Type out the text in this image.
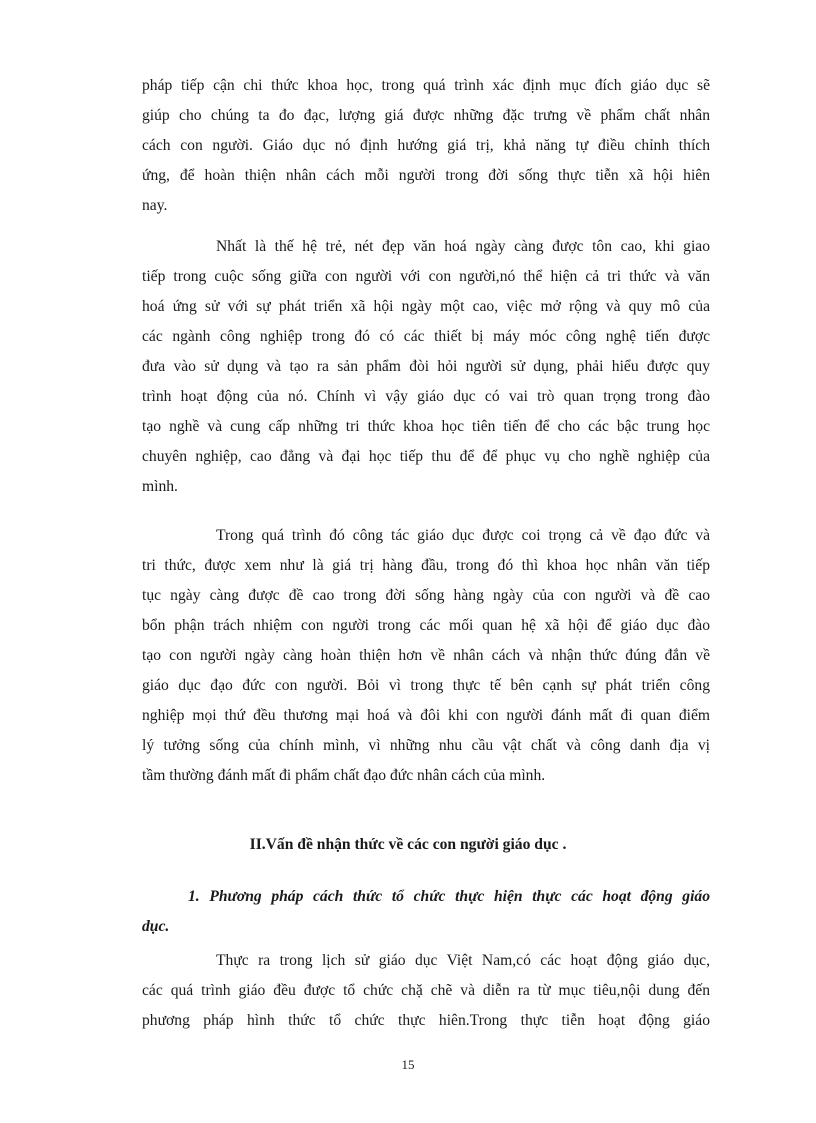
pháp tiếp cận chi thức khoa học, trong quá trình xác định mục đích giáo dục sẽ
giúp cho chúng ta đo đạc, lượng giá được những đặc trưng về phẩm chất nhân
cách con người. Giáo dục nó định hướng giá trị, khả năng tự điều chỉnh thích
ứng, để hoàn thiện nhân cách mỗi người trong đời sống thực tiễn xã hội hiên
nay.
Nhất là thế hệ trẻ, nét đẹp văn hoá ngày càng được tôn cao, khi giao
tiếp trong cuộc sống giữa con người với con người,nó thể hiện cả tri thức và văn
hoá ứng sử với sự phát triển xã hội ngày một cao, việc mở rộng và quy mô của
các ngành công nghiệp trong đó có các thiết bị máy móc công nghệ tiến được
đưa vào sử dụng và tạo ra sản phẩm đòi hỏi người sử dụng, phải hiểu được quy
trình hoạt động của nó. Chính vì vậy giáo dục có vai trò quan trọng trong đào
tạo nghề và cung cấp những tri thức khoa học tiên tiến để cho các bậc trung học
chuyên nghiệp, cao đẳng và đại học tiếp thu để để phục vụ cho nghề nghiệp của
mình.
Trong quá trình đó công tác giáo dục được coi trọng cả về đạo đức và
tri thức, được xem như là giá trị hàng đầu, trong đó thì khoa học nhân văn tiếp
tục ngày càng được đề cao trong đời sống hàng ngày của con người và đề cao
bổn phận trách nhiệm con người trong các mối quan hệ xã hội để giáo dục đào
tạo con người ngày càng hoàn thiện hơn về nhân cách và nhận thức đúng đắn về
giáo dục đạo đức con người. Bỏi vì trong thực tế bên cạnh sự phát triển công
nghiệp mọi thứ đều thương mại hoá và đôi khi con người đánh mất đi quan điểm
lý tưởng sống của chính mình, vì những nhu cầu vật chất và công danh địa vị
tầm thường đánh mất đi phẩm chất đạo đức nhân cách của mình.
II.Vấn đề nhận thức về các con người giáo dục .
1. Phương pháp cách thức tổ chức thực hiện thực các hoạt động giáo
dục.
Thực ra trong lịch sử giáo dục Việt Nam,có các hoạt động giáo dục,
các quá trình giáo đều được tổ chức chặ chẽ và diễn ra từ mục tiêu,nội dung đến
phương pháp hình thức tổ chức thực hiên.Trong thực tiễn hoạt động giáo
15
